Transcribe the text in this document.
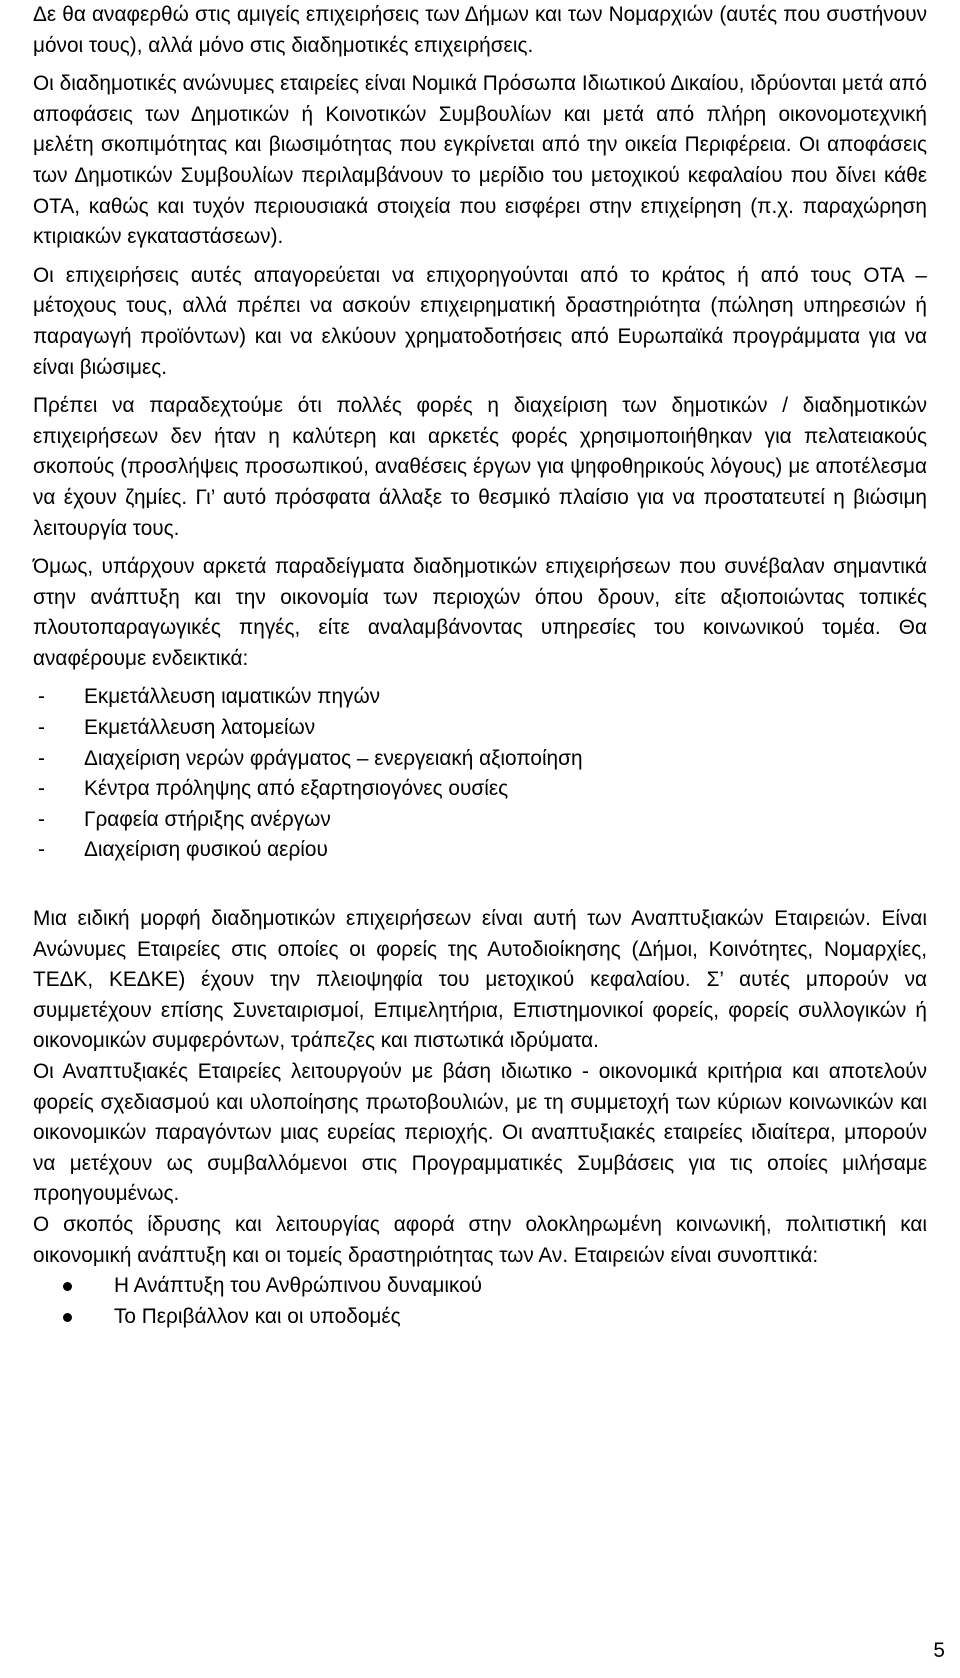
Δε θα αναφερθώ στις αμιγείς επιχειρήσεις των Δήμων και των Νομαρχιών (αυτές που συστήνουν μόνοι τους), αλλά μόνο στις διαδημοτικές επιχειρήσεις.

Οι διαδημοτικές ανώνυμες εταιρείες είναι Νομικά Πρόσωπα Ιδιωτικού Δικαίου, ιδρύονται μετά από αποφάσεις των Δημοτικών ή Κοινοτικών Συμβουλίων και μετά από πλήρη οικονομοτεχνική μελέτη σκοπιμότητας και βιωσιμότητας που εγκρίνεται από την οικεία Περιφέρεια. Οι αποφάσεις των Δημοτικών Συμβουλίων περιλαμβάνουν το μερίδιο του μετοχικού κεφαλαίου που δίνει κάθε ΟΤΑ, καθώς και τυχόν περιουσιακά στοιχεία που εισφέρει στην επιχείρηση (π.χ. παραχώρηση κτιριακών εγκαταστάσεων).

Οι επιχειρήσεις αυτές απαγορεύεται να επιχορηγούνται από το κράτος ή από τους ΟΤΑ – μέτοχους τους, αλλά πρέπει να ασκούν επιχειρηματική δραστηριότητα (πώληση υπηρεσιών ή παραγωγή προϊόντων) και να ελκύουν χρηματοδοτήσεις από Ευρωπαϊκά προγράμματα για να είναι βιώσιμες.

Πρέπει να παραδεχτούμε ότι πολλές φορές η διαχείριση των δημοτικών / διαδημοτικών επιχειρήσεων δεν ήταν η καλύτερη και αρκετές φορές χρησιμοποιήθηκαν για πελατειακούς σκοπούς (προσλήψεις προσωπικού, αναθέσεις έργων για ψηφοθηρικούς λόγους) με αποτέλεσμα να έχουν ζημίες. Γι’ αυτό πρόσφατα άλλαξε το θεσμικό πλαίσιο για να προστατευτεί η βιώσιμη λειτουργία τους.

Όμως, υπάρχουν αρκετά παραδείγματα διαδημοτικών επιχειρήσεων που συνέβαλαν σημαντικά στην ανάπτυξη και την οικονομία των περιοχών όπου δρουν, είτε αξιοποιώντας τοπικές πλουτοπαραγωγικές πηγές, είτε αναλαμβάνοντας υπηρεσίες του κοινωνικού τομέα. Θα αναφέρουμε ενδεικτικά:

- Εκμετάλλευση ιαματικών πηγών
- Εκμετάλλευση λατομείων
- Διαχείριση νερών φράγματος – ενεργειακή αξιοποίηση
- Κέντρα πρόληψης από εξαρτησιογόνες ουσίες
- Γραφεία στήριξης ανέργων
- Διαχείριση φυσικού αερίου

Μια ειδική μορφή διαδημοτικών επιχειρήσεων είναι αυτή των Αναπτυξιακών Εταιρειών. Είναι Ανώνυμες Εταιρείες στις οποίες οι φορείς της Αυτοδιοίκησης (Δήμοι, Κοινότητες, Νομαρχίες, ΤΕΔΚ, ΚΕΔΚΕ) έχουν την πλειοψηφία του μετοχικού κεφαλαίου. Σ’ αυτές μπορούν να συμμετέχουν επίσης Συνεταιρισμοί, Επιμελητήρια, Επιστημονικοί φορείς, φορείς συλλογικών ή οικονομικών συμφερόντων, τράπεζες και πιστωτικά ιδρύματα.

Οι Αναπτυξιακές Εταιρείες λειτουργούν με βάση ιδιωτικο - οικονομικά κριτήρια και αποτελούν φορείς σχεδιασμού και υλοποίησης πρωτοβουλιών, με τη συμμετοχή των κύριων κοινωνικών και οικονομικών παραγόντων μιας ευρείας περιοχής. Οι αναπτυξιακές εταιρείες ιδιαίτερα, μπορούν να μετέχουν ως συμβαλλόμενοι στις Προγραμματικές Συμβάσεις για τις οποίες μιλήσαμε προηγουμένως.

Ο σκοπός ίδρυσης και λειτουργίας αφορά στην ολοκληρωμένη κοινωνική, πολιτιστική και οικονομική ανάπτυξη και οι τομείς δραστηριότητας των Αν. Εταιρειών είναι συνοπτικά:

Η Ανάπτυξη του Ανθρώπινου δυναμικού
Το Περιβάλλον και οι υποδομές
5
